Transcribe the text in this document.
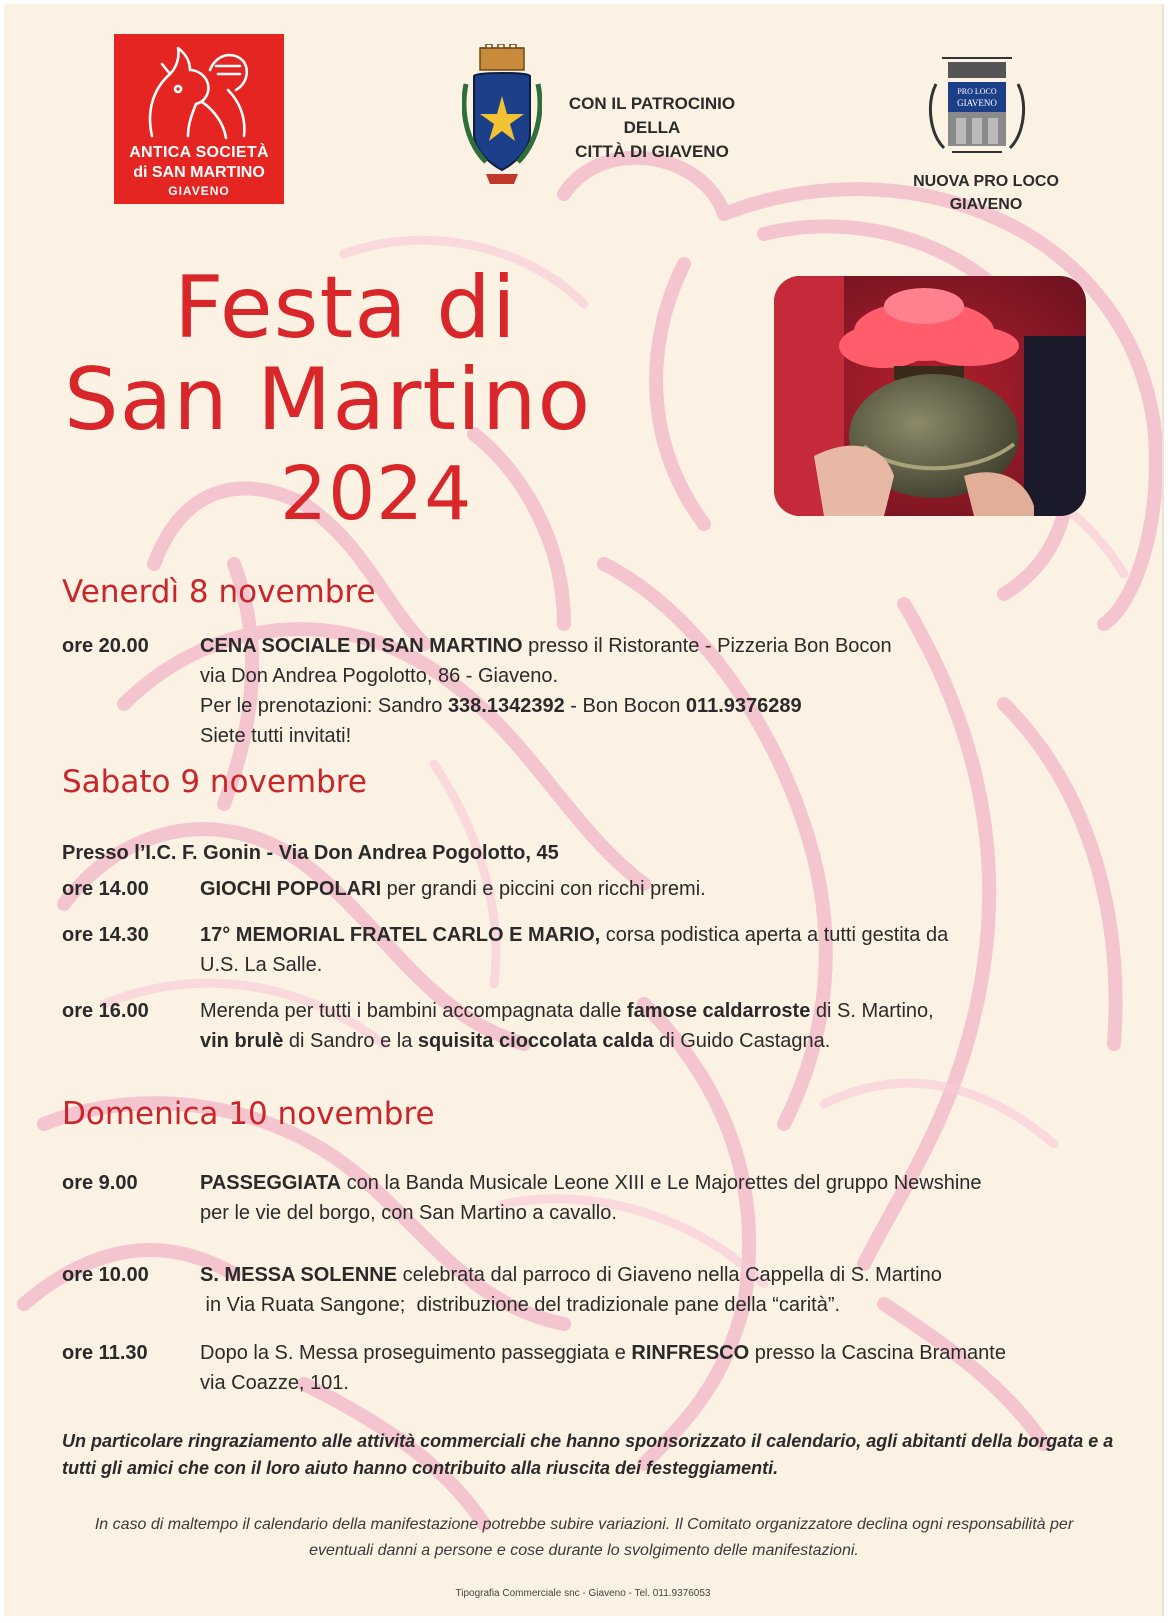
ANTICA SOCIETÀ
di SAN MARTINO
GIAVENO
CON IL PATROCINIO
DELLA
CITTÀ DI GIAVENO
PRO LOCO
GIAVENO
NUOVA PRO LOCO
GIAVENO
Festa di
San Martino
2024
Venerdì 8 novembre
ore 20.00	CENA SOCIALE DI SAN MARTINO presso il Ristorante - Pizzeria Bon Bocon
via Don Andrea Pogolotto, 86 - Giaveno.
Per le prenotazioni: Sandro 338.1342392 - Bon Bocon 011.9376289
Siete tutti invitati!
Sabato 9 novembre
Presso l’I.C. F. Gonin - Via Don Andrea Pogolotto, 45
ore 14.00	GIOCHI POPOLARI per grandi e piccini con ricchi premi.
ore 14.30	17° MEMORIAL FRATEL CARLO E MARIO, corsa podistica aperta a tutti gestita da
U.S. La Salle.
ore 16.00	Merenda per tutti i bambini accompagnata dalle famose caldarroste di S. Martino,
vin brulè di Sandro e la squisita cioccolata calda di Guido Castagna.
Domenica 10 novembre
ore 9.00	PASSEGGIATA con la Banda Musicale Leone XIII e Le Majorettes del gruppo Newshine
per le vie del borgo, con San Martino a cavallo.
ore 10.00	S. MESSA SOLENNE celebrata dal parroco di Giaveno nella Cappella di S. Martino
in Via Ruata Sangone;  distribuzione del tradizionale pane della “carità”.
ore 11.30	Dopo la S. Messa proseguimento passeggiata e RINFRESCO presso la Cascina Bramante
via Coazze, 101.
Un particolare ringraziamento alle attività commerciali che hanno sponsorizzato il calendario, agli abitanti della borgata e a tutti gli amici che con il loro aiuto hanno contribuito alla riuscita dei festeggiamenti.
In caso di maltempo il calendario della manifestazione potrebbe subire variazioni. Il Comitato organizzatore declina ogni responsabilità per eventuali danni a persone e cose durante lo svolgimento delle manifestazioni.
Tipografia Commerciale snc - Giaveno - Tel. 011.9376053
